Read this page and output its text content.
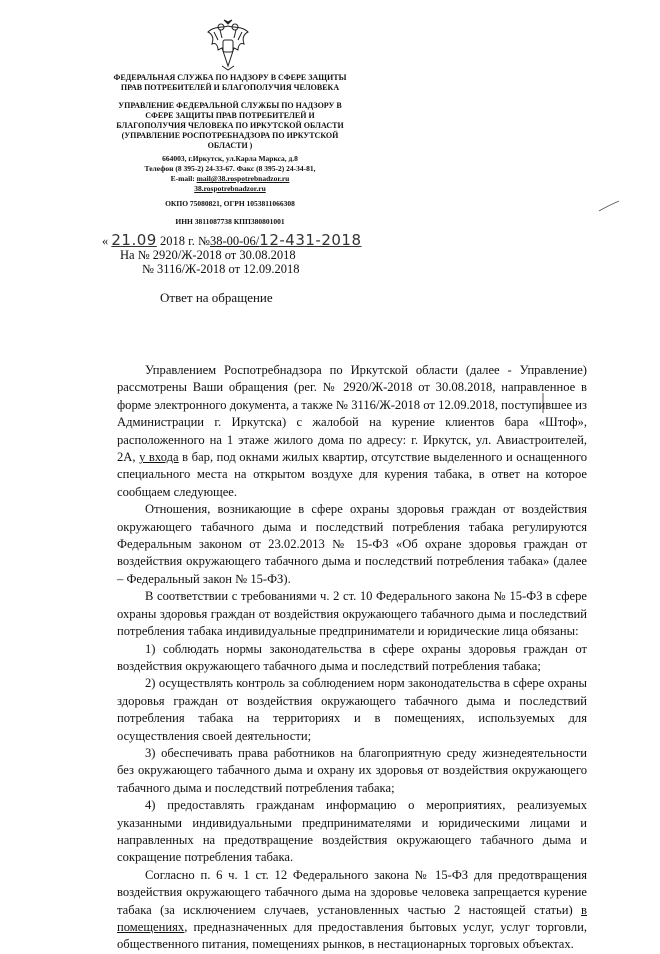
ФЕДЕРАЛЬНАЯ СЛУЖБА ПО НАДЗОРУ В СФЕРЕ ЗАЩИТЫ
ПРАВ ПОТРЕБИТЕЛЕЙ И БЛАГОПОЛУЧИЯ ЧЕЛОВЕКА
УПРАВЛЕНИЕ ФЕДЕРАЛЬНОЙ СЛУЖБЫ ПО НАДЗОРУ В
СФЕРЕ ЗАЩИТЫ ПРАВ ПОТРЕБИТЕЛЕЙ И
БЛАГОПОЛУЧИЯ ЧЕЛОВЕКА ПО ИРКУТСКОЙ ОБЛАСТИ
(УПРАВЛЕНИЕ РОСПОТРЕБНАДЗОРА ПО ИРКУТСКОЙ
ОБЛАСТИ )
664003, г.Иркутск, ул.Карла Маркса, д.8
Телефон (8 395-2) 24-33-67. Факс (8 395-2) 24-34-81,
E-mail: mail@38.rospotrebnadzor.ru
38.rospotrebnadzor.ru
ОКПО 75080821, ОГРН 1053811066308
ИНН 3811087738 КПП380801001
« 21.09 2018 г. №38-00-06/12-431-2018
На № 2920/Ж-2018 от 30.08.2018
№ 3116/Ж-2018 от 12.09.2018
Ответ на обращение

Управлением Роспотребнадзора по Иркутской области (далее - Управление) рассмотрены Ваши обращения (рег. № 2920/Ж-2018 от 30.08.2018, направленное в форме электронного документа, а также № 3116/Ж-2018 от 12.09.2018, поступившее из Администрации г. Иркутска) с жалобой на курение клиентов бара «Штоф», расположенного на 1 этаже жилого дома по адресу: г. Иркутск, ул. Авиастроителей, 2А, у входа в бар, под окнами жилых квартир, отсутствие выделенного и оснащенного специального места на открытом воздухе для курения табака, в ответ на которое сообщаем следующее.

Отношения, возникающие в сфере охраны здоровья граждан от воздействия окружающего табачного дыма и последствий потребления табака регулируются Федеральным законом от 23.02.2013 № 15-ФЗ «Об охране здоровья граждан от воздействия окружающего табачного дыма и последствий потребления табака» (далее – Федеральный закон № 15-ФЗ).

В соответствии с требованиями ч. 2 ст. 10 Федерального закона № 15-ФЗ в сфере охраны здоровья граждан от воздействия окружающего табачного дыма и последствий потребления табака индивидуальные предприниматели и юридические лица обязаны:

1) соблюдать нормы законодательства в сфере охраны здоровья граждан от воздействия окружающего табачного дыма и последствий потребления табака;

2) осуществлять контроль за соблюдением норм законодательства в сфере охраны здоровья граждан от воздействия окружающего табачного дыма и последствий потребления табака на территориях и в помещениях, используемых для осуществления своей деятельности;

3) обеспечивать права работников на благоприятную среду жизнедеятельности без окружающего табачного дыма и охрану их здоровья от воздействия окружающего табачного дыма и последствий потребления табака;

4) предоставлять гражданам информацию о мероприятиях, реализуемых указанными индивидуальными предпринимателями и юридическими лицами и направленных на предотвращение воздействия окружающего табачного дыма и сокращение потребления табака.

Согласно п. 6 ч. 1 ст. 12 Федерального закона № 15-ФЗ для предотвращения воздействия окружающего табачного дыма на здоровье человека запрещается курение табака (за исключением случаев, установленных частью 2 настоящей статьи) в помещениях, предназначенных для предоставления бытовых услуг, услуг торговли, общественного питания, помещениях рынков, в нестационарных торговых объектах.
